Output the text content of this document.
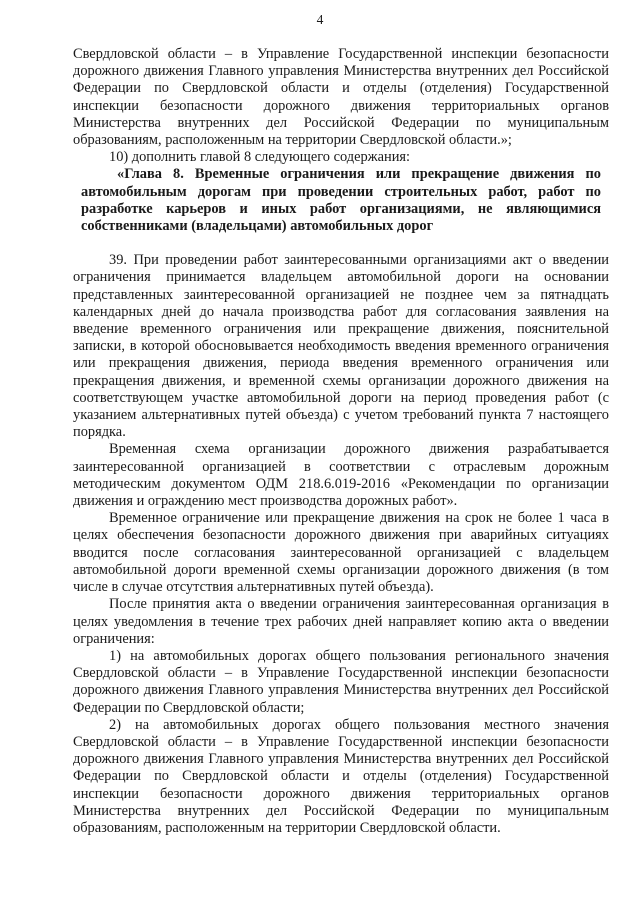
4

Свердловской области – в Управление Государственной инспекции безопасности дорожного движения Главного управления Министерства внутренних дел Российской Федерации по Свердловской области и отделы (отделения) Государственной инспекции безопасности дорожного движения территориальных органов Министерства внутренних дел Российской Федерации по муниципальным образованиям, расположенным на территории Свердловской области.»;

10) дополнить главой 8 следующего содержания:

«Глава 8. Временные ограничения или прекращение движения по автомобильным дорогам при проведении строительных работ, работ по разработке карьеров и иных работ организациями, не являющимися собственниками (владельцами) автомобильных дорог

39. При проведении работ заинтересованными организациями акт о введении ограничения принимается владельцем автомобильной дороги на основании представленных заинтересованной организацией не позднее чем за пятнадцать календарных дней до начала производства работ для согласования заявления на введение временного ограничения или прекращение движения, пояснительной записки, в которой обосновывается необходимость введения временного ограничения или прекращения движения, периода введения временного ограничения или прекращения движения, и временной схемы организации дорожного движения на соответствующем участке автомобильной дороги на период проведения работ (с указанием альтернативных путей объезда) с учетом требований пункта 7 настоящего порядка.

Временная схема организации дорожного движения разрабатывается заинтересованной организацией в соответствии с отраслевым дорожным методическим документом ОДМ 218.6.019-2016 «Рекомендации по организации движения и ограждению мест производства дорожных работ».

Временное ограничение или прекращение движения на срок не более 1 часа в целях обеспечения безопасности дорожного движения при аварийных ситуациях вводится после согласования заинтересованной организацией с владельцем автомобильной дороги временной схемы организации дорожного движения (в том числе в случае отсутствия альтернативных путей объезда).

После принятия акта о введении ограничения заинтересованная организация в целях уведомления в течение трех рабочих дней направляет копию акта о введении ограничения:

1) на автомобильных дорогах общего пользования регионального значения Свердловской области – в Управление Государственной инспекции безопасности дорожного движения Главного управления Министерства внутренних дел Российской Федерации по Свердловской области;

2) на автомобильных дорогах общего пользования местного значения Свердловской области – в Управление Государственной инспекции безопасности дорожного движения Главного управления Министерства внутренних дел Российской Федерации по Свердловской области и отделы (отделения) Государственной инспекции безопасности дорожного движения территориальных органов Министерства внутренних дел Российской Федерации по муниципальным образованиям, расположенным на территории Свердловской области.
